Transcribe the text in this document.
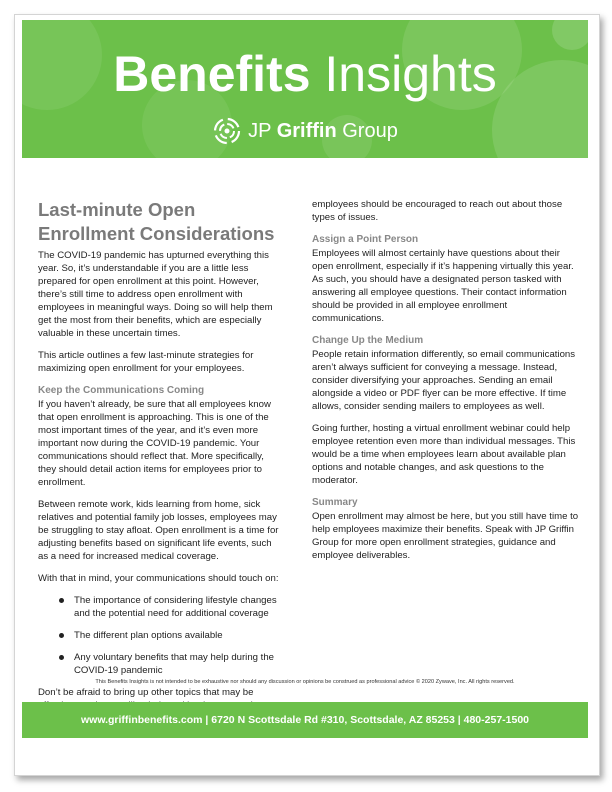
Benefits Insights
JP Griffin Group
Last-minute Open Enrollment Considerations

The COVID-19 pandemic has upturned everything this year. So, it’s understandable if you are a little less prepared for open enrollment at this point. However, there’s still time to address open enrollment with employees in meaningful ways. Doing so will help them get the most from their benefits, which are especially valuable in these uncertain times.

This article outlines a few last-minute strategies for maximizing open enrollment for your employees.

Keep the Communications Coming

If you haven’t already, be sure that all employees know that open enrollment is approaching. This is one of the most important times of the year, and it’s even more important now during the COVID-19 pandemic. Your communications should reflect that. More specifically, they should detail action items for employees prior to enrollment.

Between remote work, kids learning from home, sick relatives and potential family job losses, employees may be struggling to stay afloat. Open enrollment is a time for adjusting benefits based on significant life events, such as a need for increased medical coverage.

With that in mind, your communications should touch on:

The importance of considering lifestyle changes and the potential need for additional coverage
The different plan options available
Any voluntary benefits that may help during the COVID-19 pandemic

Don’t be afraid to bring up other topics that may be

employees should be encouraged to reach out about those types of issues.

Assign a Point Person

Employees will almost certainly have questions about their open enrollment, especially if it’s happening virtually this year. As such, you should have a designated person tasked with answering all employee questions. Their contact information should be provided in all employee enrollment communications.

Change Up the Medium

People retain information differently, so email communications aren’t always sufficient for conveying a message. Instead, consider diversifying your approaches. Sending an email alongside a video or PDF flyer can be more effective. If time allows, consider sending mailers to employees as well.

Going further, hosting a virtual enrollment webinar could help employee retention even more than individual messages. This would be a time when employees learn about available plan options and notable changes, and ask questions to the moderator.

Summary

Open enrollment may almost be here, but you still have time to help employees maximize their benefits. Speak with JP Griffin Group for more open enrollment strategies, guidance and employee deliverables.

This Benefits Insights is not intended to be exhaustive nor should any discussion or opinions be construed as professional advice © 2020 Zywave, Inc. All rights reserved.
www.griffinbenefits.com | 6720 N Scottsdale Rd #310, Scottsdale, AZ 85253 | 480-257-1500
